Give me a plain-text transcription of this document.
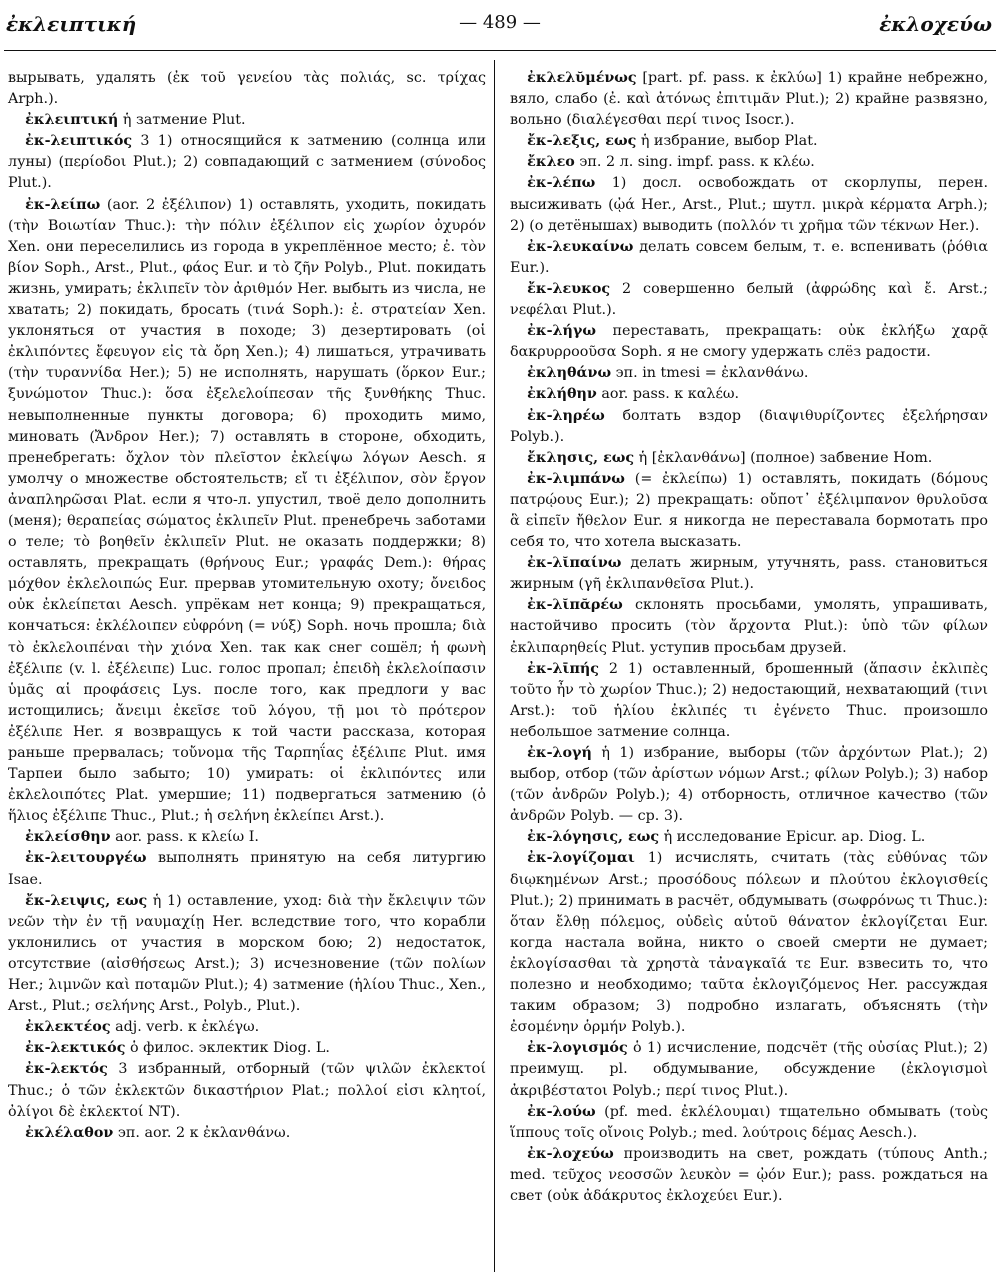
ἐκλειπτική	— 489 —	ἐκλοχεύω

вырывать, удалять (ἐκ τοῦ γενείου τὰς πολιάς, sc. τρίχας Arph.).

ἐκλειπτική ἡ затмение Plut.

ἐκ-λειπτικός 3 1) относящийся к затмению (солнца или луны) (περίοδοι Plut.); 2) совпадающий с затмением (σύνοδος Plut.).

ἐκ-λείπω (aor. 2 ἐξέλιπον) 1) оставлять, уходить, покидать (τὴν Βοιωτίαν Thuc.): τὴν πόλιν ἐξέλιπον εἰς χωρίον ὀχυρόν Xen. они переселились из города в укреплённое место; ἐ. τὸν βίον Soph., Arst., Plut., φάος Eur. и τὸ ζῆν Polyb., Plut. покидать жизнь, умирать; ἐκλιπεῖν τὸν ἀριθμόν Her. выбыть из числа, не хватать; 2) покидать, бросать (τινά Soph.): ἐ. στρατείαν Xen. уклоняться от участия в походе; 3) дезертировать (οἱ ἐκλιπόντες ἔφευγον εἰς τὰ ὄρη Xen.); 4) лишаться, утрачивать (τὴν τυραννίδα Her.); 5) не исполнять, нарушать (ὅρκον Eur.; ξυνώμοτον Thuc.): ὅσα ἐξελελοίπεσαν τῆς ξυνθήκης Thuc. невыполненные пункты договора; 6) проходить мимо, миновать (Ἄνδρον Her.); 7) оставлять в стороне, обходить, пренебрегать: ὄχλον τὸν πλεῖστον ἐκλείψω λόγων Aesch. я умолчу о множестве обстоятельств; εἴ τι ἐξέλιπον, σὸν ἔργον ἀναπληρῶσαι Plat. если я что-л. упустил, твоё дело дополнить (меня); θεραπείας σώματος ἐκλιπεῖν Plut. пренебречь заботами о теле; τὸ βοηθεῖν ἐκλιπεῖν Plut. не оказать поддержки; 8) оставлять, прекращать (θρήνους Eur.; γραφάς Dem.): θήρας μόχθον ἐκλελοιπώς Eur. прервав утомительную охоту; ὄνειδος οὐκ ἐκλείπεται Aesch. упрёкам нет конца; 9) прекращаться, кончаться: ἐκλέλοιπεν εὐφρόνη (= νύξ) Soph. ночь прошла; διὰ τὸ ἐκλελοιπέναι τὴν χιόνα Xen. так как снег сошёл; ἡ φωνὴ ἐξέλιπε (v. l. ἐξέλειπε) Luc. голос пропал; ἐπειδὴ ἐκλελοίπασιν ὑμᾶς αἱ προφάσεις Lys. после того, как предлоги у вас истощились; ἄνειμι ἐκεῖσε τοῦ λόγου, τῇ μοι τὸ πρότερον ἐξέλιπε Her. я возвращусь к той части рассказа, которая раньше прервалась; τοὔνομα τῆς Ταρπηΐας ἐξέλιπε Plut. имя Тарпеи было забыто; 10) умирать: οἱ ἐκλιπόντες или ἐκλελοιπότες Plat. умершие; 11) подвергаться затмению (ὁ ἥλιος ἐξέλιπε Thuc., Plut.; ἡ σελήνη ἐκλείπει Arst.).

ἐκλείσθην aor. pass. к κλείω I.

ἐκ-λειτουργέω выполнять принятую на себя литургию Isae.

ἔκ-λειψις, εως ἡ 1) оставление, уход: διὰ τὴν ἔκλειψιν τῶν νεῶν τὴν ἐν τῇ ναυμαχίῃ Her. вследствие того, что корабли уклонились от участия в морском бою; 2) недостаток, отсутствие (αἰσθήσεως Arst.); 3) исчезновение (τῶν πολίων Her.; λιμνῶν καὶ ποταμῶν Plut.); 4) затмение (ἡλίου Thuc., Xen., Arst., Plut.; σελήνης Arst., Polyb., Plut.).

ἐκλεκτέος adj. verb. к ἐκλέγω.

ἐκ-λεκτικός ὁ филос. эклектик Diog. L.

ἐκ-λεκτός 3 избранный, отборный (τῶν ψιλῶν ἐκλεκτοί Thuc.; ὁ τῶν ἐκλεκτῶν δικαστήριον Plat.; πολλοί εἰσι κλητοί, ὀλίγοι δὲ ἐκλεκτοί NT).

ἐκλέλαθον эп. aor. 2 к ἐκλανθάνω.

ἐκλελῠμένως [part. pf. pass. к ἐκλύω] 1) крайне небрежно, вяло, слабо (ἐ. καὶ ἀτόνως ἐπιτιμᾶν Plut.); 2) крайне развязно, вольно (διαλέγεσθαι περί τινος Isocr.).

ἔκ-λεξις, εως ἡ избрание, выбор Plat.

ἔκλεο эп. 2 л. sing. impf. pass. к κλέω.

ἐκ-λέπω 1) досл. освобождать от скорлупы, перен. высиживать (ᾠά Her., Arst., Plut.; шутл. μικρὰ κέρματα Arph.); 2) (о детёнышах) выводить (πολλόν τι χρῆμα τῶν τέκνων Her.).

ἐκ-λευκαίνω делать совсем белым, т. е. вспенивать (ῥόθια Eur.).

ἔκ-λευκος 2 совершенно белый (ἀφρώδης καὶ ἔ. Arst.; νεφέλαι Plut.).

ἐκ-λήγω переставать, прекращать: οὐκ ἐκλήξω χαρᾷ δακρυρροοῦσα Soph. я не смогу удержать слёз радости.

ἐκληθάνω эп. in tmesi = ἐκλανθάνω.

ἐκλήθην aor. pass. к καλέω.

ἐκ-ληρέω болтать вздор (διαψιθυρίζοντες ἐξελήρησαν Polyb.).

ἔκλησις, εως ἡ [ἐκλανθάνω] (полное) забвение Hom.

ἐκ-λιμπάνω (= ἐκλείπω) 1) оставлять, покидать (δόμους πατρῴους Eur.); 2) прекращать: οὔποτ᾽ ἐξέλιμπανον θρυλοῦσα ἃ εἰπεῖν ἤθελον Eur. я никогда не переставала бормотать про себя то, что хотела высказать.

ἐκ-λῐπαίνω делать жирным, утучнять, pass. становиться жирным (γῆ ἐκλιπανθεῖσα Plut.).

ἐκ-λῐπᾰρέω склонять просьбами, умолять, упрашивать, настойчиво просить (τὸν ἄρχοντα Plut.): ὑπὸ τῶν φίλων ἐκλιπαρηθείς Plut. уступив просьбам друзей.

ἐκ-λῑπής 2 1) оставленный, брошенный (ἅπασιν ἐκλιπὲς τοῦτο ἦν τὸ χωρίον Thuc.); 2) недостающий, нехватающий (τινι Arst.): τοῦ ἡλίου ἐκλιπές τι ἐγένετο Thuc. произошло небольшое затмение солнца.

ἐκ-λογή ἡ 1) избрание, выборы (τῶν ἀρχόντων Plat.); 2) выбор, отбор (τῶν ἀρίστων νόμων Arst.; φίλων Polyb.); 3) набор (τῶν ἀνδρῶν Polyb.); 4) отборность, отличное качество (τῶν ἀνδρῶν Polyb. — ср. 3).

ἐκ-λόγησις, εως ἡ исследование Epicur. ap. Diog. L.

ἐκ-λογίζομαι 1) исчислять, считать (τὰς εὐθύνας τῶν διῳκημένων Arst.; προσόδους πόλεων и πλούτου ἐκλογισθείς Plut.); 2) принимать в расчёт, обдумывать (σωφρόνως τι Thuc.): ὅταν ἔλθῃ πόλεμος, οὐδεὶς αὑτοῦ θάνατον ἐκλογίζεται Eur. когда настала война, никто о своей смерти не думает; ἐκλογίσασθαι τὰ χρηστὰ τἀναγκαῖά τε Eur. взвесить то, что полезно и необходимо; ταῦτα ἐκλογιζόμενος Her. рассуждая таким образом; 3) подробно излагать, объяснять (τὴν ἐσομένην ὁρμήν Polyb.).

ἐκ-λογισμός ὁ 1) исчисление, подсчёт (τῆς οὐσίας Plut.); 2) преимущ. pl. обдумывание, обсуждение (ἐκλογισμοὶ ἀκριβέστατοι Polyb.; περί τινος Plut.).

ἐκ-λούω (pf. med. ἐκλέλουμαι) тщательно обмывать (τοὺς ἵππους τοῖς οἴνοις Polyb.; med. λούτροις δέμας Aesch.).

ἐκ-λοχεύω производить на свет, рождать (τύπους Anth.; med. τεῦχος νεοσσῶν λευκὸν = ᾠόν Eur.); pass. рождаться на свет (οὐκ ἀδάκρυτος ἐκλοχεύει Eur.).
